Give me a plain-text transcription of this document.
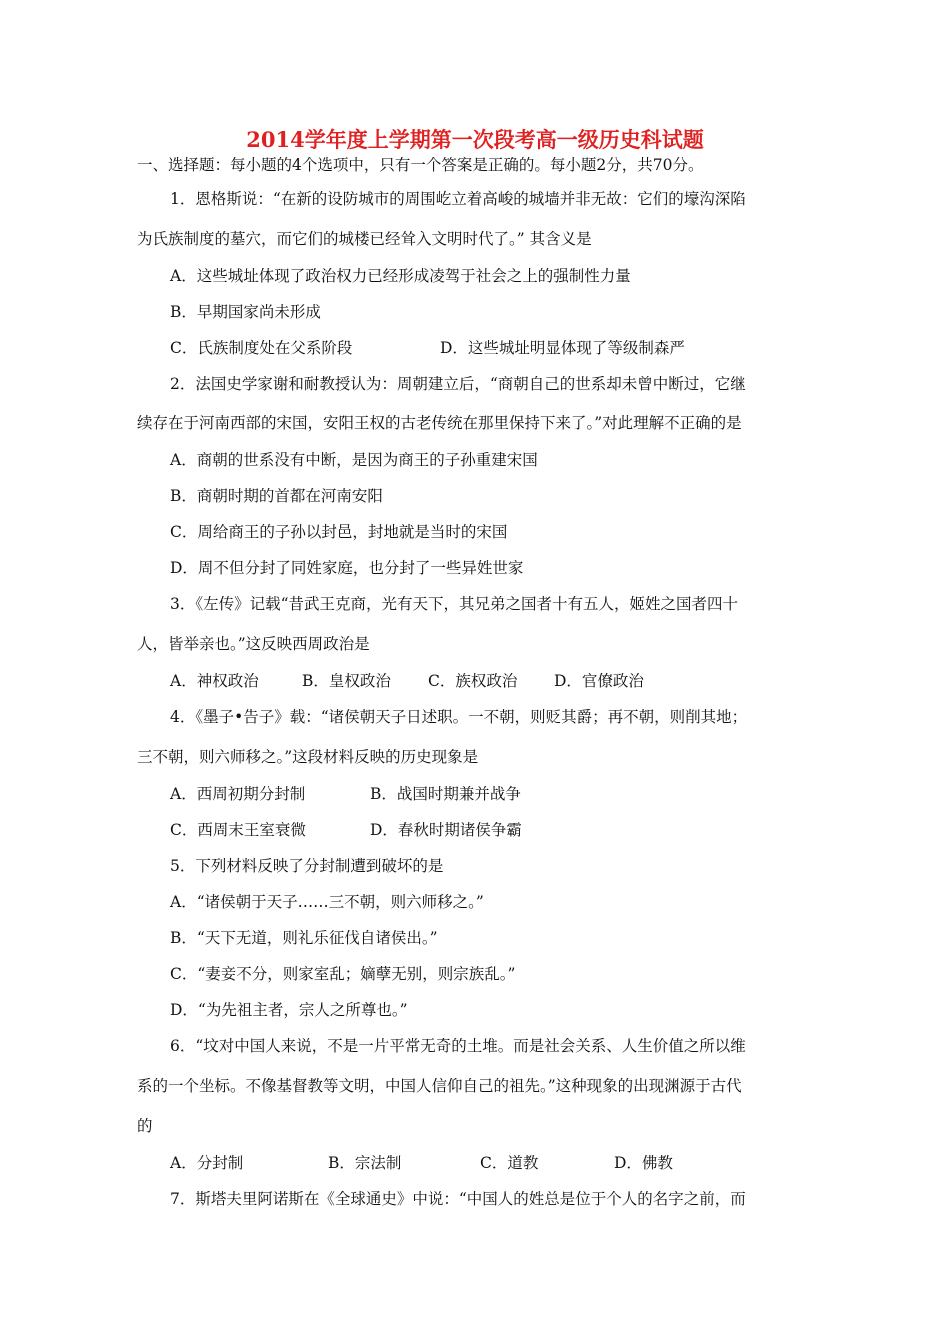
2014学年度上学期第一次段考高一级历史科试题
一、选择题：每小题的4个选项中，只有一个答案是正确的。每小题2分，共70分。
1．恩格斯说：“在新的设防城市的周围屹立着高峻的城墙并非无故：它们的壕沟深陷
为氏族制度的墓穴，而它们的城楼已经耸入文明时代了。” 其含义是
A．这些城址体现了政治权力已经形成凌驾于社会之上的强制性力量
B．早期国家尚未形成
C．氏族制度处在父系阶段	D．这些城址明显体现了等级制森严
2．法国史学家谢和耐教授认为：周朝建立后，“商朝自己的世系却未曾中断过，它继
续存在于河南西部的宋国，安阳王权的古老传统在那里保持下来了。”对此理解不正确的是
A．商朝的世系没有中断，是因为商王的子孙重建宋国
B．商朝时期的首都在河南安阳
C．周给商王的子孙以封邑，封地就是当时的宋国
D．周不但分封了同姓家庭，也分封了一些异姓世家
3．《左传》记载“昔武王克商，光有天下，其兄弟之国者十有五人，姬姓之国者四十
人，皆举亲也。”这反映西周政治是
A．神权政治	B．皇权政治 C．族权政治 D．官僚政治
4．《墨子•告子》载：“诸侯朝天子日述职。一不朝，则贬其爵；再不朝，则削其地；
三不朝，则六师移之。”这段材料反映的历史现象是
A．西周初期分封制	B．战国时期兼并战争
C．西周末王室衰微	D．春秋时期诸侯争霸
5．下列材料反映了分封制遭到破坏的是
A．“诸侯朝于天子……三不朝，则六师移之。”
B．“天下无道，则礼乐征伐自诸侯出。”
C．“妻妾不分，则家室乱；嫡孽无别，则宗族乱。”
D．“为先祖主者，宗人之所尊也。”
6．“坟对中国人来说，不是一片平常无奇的土堆。而是社会关系、人生价值之所以维
系的一个坐标。不像基督教等文明，中国人信仰自己的祖先。”这种现象的出现渊源于古代
的
A．分封制	B．宗法制	C．道教	D．佛教
7．斯塔夫里阿诺斯在《全球通史》中说：“中国人的姓总是位于个人的名字之前，而
